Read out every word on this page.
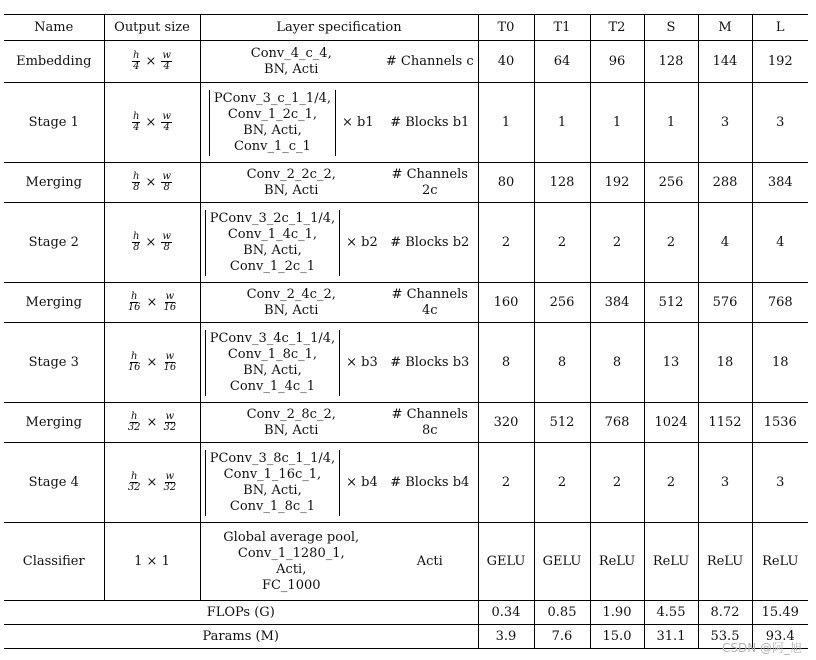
Name	Output size	Layer specification		T0	T1	T2	S	M	L
Embedding	$\frac{h}{4} \times \frac{w}{4}$	Conv_4_c_4,
BN, Acti	# Channels c	40	64	96	128	144	192
Stage 1	$\frac{h}{4} \times \frac{w}{4}$	PConv_3_c_1_1/4,
Conv_1_2c_1,
BN, Acti,
Conv_1_c_1
× b1	# Blocks b1	1	1	1	1	3	3
Merging	$\frac{h}{8} \times \frac{w}{8}$	Conv_2_2c_2,
BN, Acti	# Channels 2c	80	128	192	256	288	384
Stage 2	$\frac{h}{8} \times \frac{w}{8}$	PConv_3_2c_1_1/4,
Conv_1_4c_1,
BN, Acti,
Conv_1_2c_1
× b2	# Blocks b2	2	2	2	2	4	4
Merging	$\frac{h}{16} \times \frac{w}{16}$	Conv_2_4c_2,
BN, Acti	# Channels 4c	160	256	384	512	576	768
Stage 3	$\frac{h}{16} \times \frac{w}{16}$	PConv_3_4c_1_1/4,
Conv_1_8c_1,
BN, Acti,
Conv_1_4c_1
× b3	# Blocks b3	8	8	8	13	18	18
Merging	$\frac{h}{32} \times \frac{w}{32}$	Conv_2_8c_2,
BN, Acti	# Channels 8c	320	512	768	1024	1152	1536
Stage 4	$\frac{h}{32} \times \frac{w}{32}$	PConv_3_8c_1_1/4,
Conv_1_16c_1,
BN, Acti,
Conv_1_8c_1
× b4	# Blocks b4	2	2	2	2	3	3
Classifier	1 × 1	Global average pool,
Conv_1_1280_1,
Acti,
FC_1000	Acti	GELU	GELU	ReLU	ReLU	ReLU	ReLU
FLOPs (G)				0.34	0.85	1.90	4.55	8.72	15.49
Params (M)				3.9	7.6	15.0	31.1	53.5	93.4
CSDN @阿_旭
